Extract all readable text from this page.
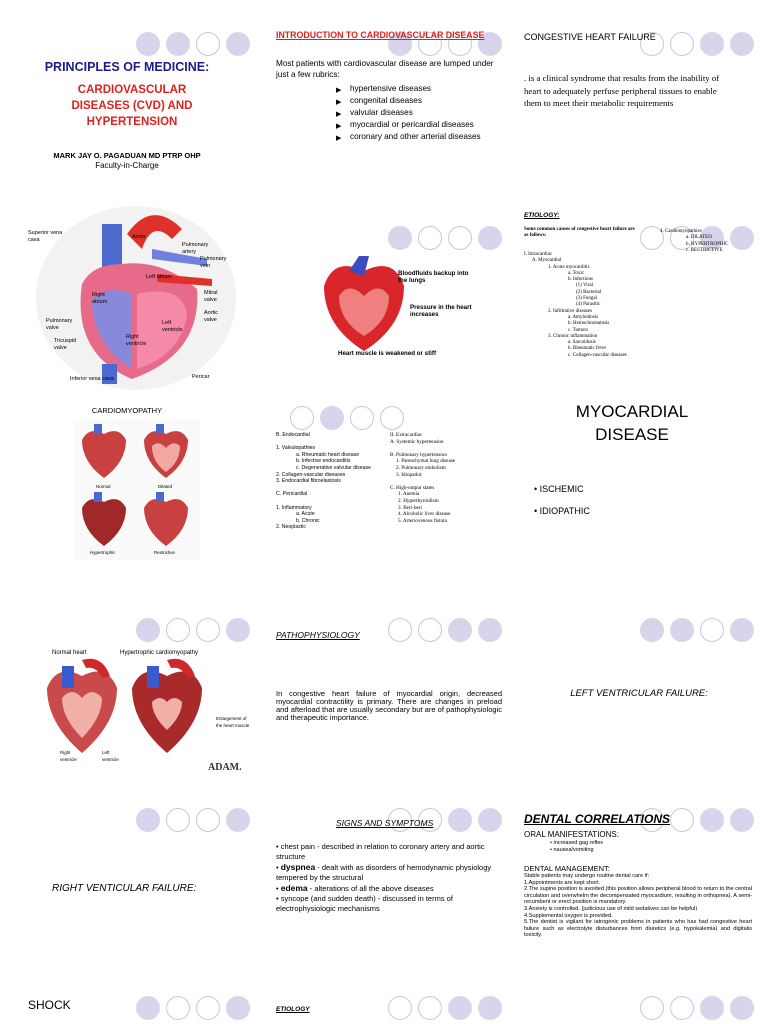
PRINCIPLES OF MEDICINE:
CARDIOVASCULAR DISEASES (CVD) AND HYPERTENSION
MARK JAY O. PAGADUAN MD PTRP OHP
Faculty-in-Charge
INTRODUCTION TO CARDIOVASCULAR DISEASE
Most patients with cardiovascular disease are lumped under just a few rubrics:
▶ hypertensive diseases
▶ congenital diseases
▶ valvular diseases
▶ myocardial or pericardial diseases
▶ coronary and other arterial diseases
CONGESTIVE HEART FAILURE
. is a clinical syndrome that results from the inability of heart to adequately perfuse peripheral tissues to enable them to meet their metabolic requirements
Superior vena cava	Aorta
Pulmonary artery
Pulmonary vein
Left atrium
Mitral valve
Aortic valve
Left ventricle
Right atrium
Pulmonary valve
Tricuspid valve
Right ventricle
Inferior vena cava	Pericar
Bloodfluids backup into the lungs
Pressure in the heart increases
Heart muscle is weakened or stiff
ETIOLOGY:
Some common causes of congestive heart failure are as follows:
I. Intracardiac
A. Myocardial
1. Acute myocarditis
a. Toxic
b. Infectious
(1) Viral
(2) Bacterial
(3) Fungal
(4) Parasitic
2. Infiltrative diseases
a. Amyloidosis
b. Hemochromatosis
c. Tumors
3. Chronic inflammation
a. Sarcoidosis
b. Rheumatic fever
c. Collagen-vascular diseases
4. Cardiomyopathies
a. DILATED
b. HYPERTROPHIC
c. RESTRICTIVE
CARDIOMYOPATHY
Normal	Dilated
Hypertrophic	Restrictive
B. Endocardial
1. Valvulopathies
a. Rheumatic heart disease
b. Infective endocarditis
c. Degenerative valvular disease
2. Collagen-vascular diseases
3. Endocardial fibroelastosis
C. Pericardial
1. Inflammatory
a. Acute
b. Chronic
2. Neoplastic
II. Extracardiac
A. Systemic hypertension
B. Pulmonary hypertension
1. Parenchymal lung disease
2. Pulmonary embolism
3. Idiopathic
C. High-output states
1. Anemia
2. Hyperthyroidism
3. Beri-beri
4. Alcoholic liver disease
5. Arteriovenous fistula
MYOCARDIAL DISEASE
• ISCHEMIC
• IDIOPATHIC
Normal heart	Hypertrophic cardiomyopathy
Right ventricle
Left ventricle
Enlargement of the heart muscle
ADAM.
PATHOPHYSIOLOGY
In congestive heart failure of myocardial origin, decreased myocardial contractility is primary. There are changes in preload and afterload that are usually secondary but are of pathophysiologic and therapeutic importance.
LEFT VENTRICULAR FAILURE:
RIGHT VENTICULAR FAILURE:
SIGNS AND SYMPTOMS
• chest pain - described in relation to coronary artery and aortic structure
• dyspnea - dealt with as disorders of hemodynamic physiology tempered by the structural
• edema - alterations of all the above diseases
• syncope (and sudden death) - discussed in terms of electrophysiologic mechanisms
DENTAL CORRELATIONS
ORAL MANIFESTATIONS:
• increased gag reflex
• nausea/vomiting
DENTAL MANAGEMENT:
Stable patients may undergo routine dental care if:
1.Appointments are kept short.
2.The supine position is avoided (this position allows peripheral blood to return to the central circulation and overwhelm the decompensated myocardium, resulting in orthopnea). A semi- recumbent or erect position is mandatory.
3.Anxiety is controlled. (judicious use of mild sedatives can be helpful)
4.Supplemental oxygen is provided.
5.The dentist is vigilant for iatrogenic problems in patients who has had congestive heart failure such as electrolyte disturbances from diuretics (e.g. hypokalemia) and digitalis toxicity.
SHOCK	ETIOLOGY
